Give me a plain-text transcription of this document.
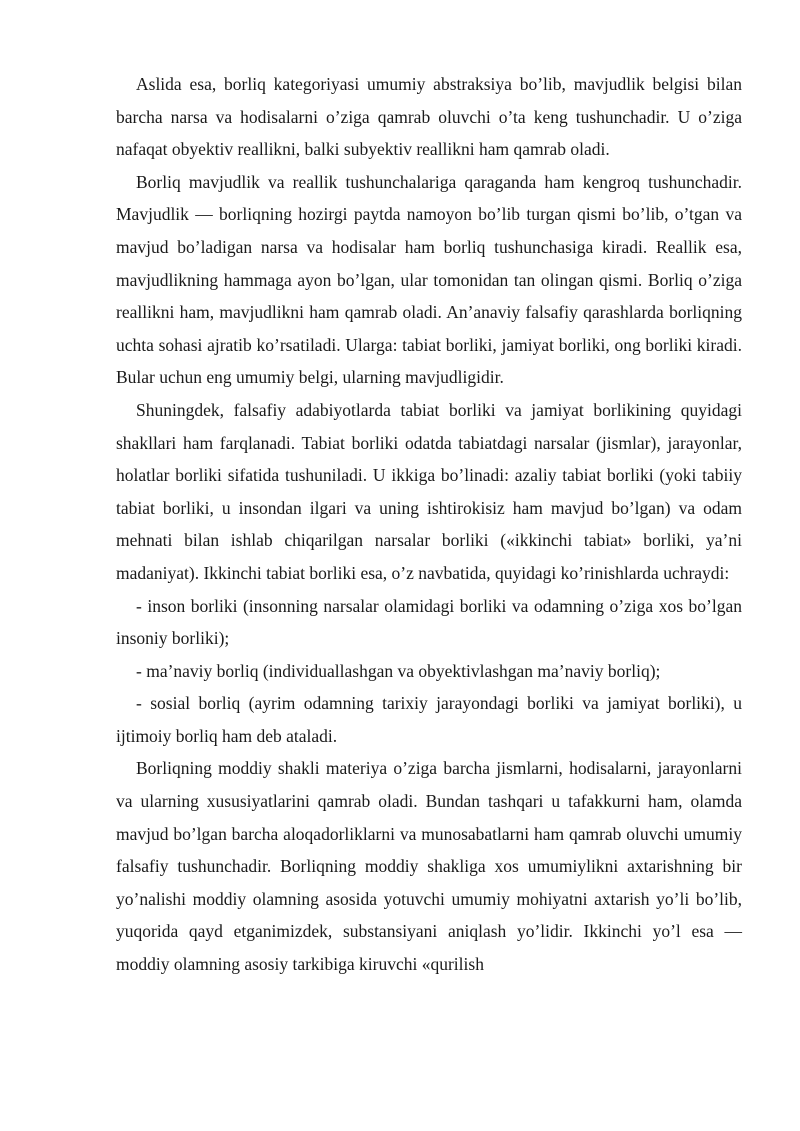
Aslida esa, borliq kategoriyasi umumiy abstraksiya bo’lib, mavjudlik belgisi bilan barcha narsa va hodisalarni o’ziga qamrab oluvchi o’ta keng tushunchadir. U o’ziga nafaqat obyektiv reallikni, balki subyektiv reallikni ham qamrab oladi.

Borliq mavjudlik va reallik tushunchalariga qaraganda ham kengroq tushunchadir. Mavjudlik — borliqning hozirgi paytda namoyon bo’lib turgan qismi bo’lib, o’tgan va mavjud bo’ladigan narsa va hodisalar ham borliq tushunchasiga kiradi. Reallik esa, mavjudlikning hammaga ayon bo’lgan, ular tomonidan tan olingan qismi. Borliq o’ziga reallikni ham, mavjudlikni ham qamrab oladi. An’anaviy falsafiy qarashlarda borliqning uchta sohasi ajratib ko’rsatiladi. Ularga: tabiat borliki, jamiyat borliki, ong borliki kiradi. Bular uchun eng umumiy belgi, ularning mavjudligidir.

Shuningdek, falsafiy adabiyotlarda tabiat borliki va jamiyat borlikining quyidagi shakllari ham farqlanadi. Tabiat borliki odatda tabiatdagi narsalar (jismlar), jarayonlar, holatlar borliki sifatida tushuniladi. U ikkiga bo’linadi: azaliy tabiat borliki (yoki tabiiy tabiat borliki, u insondan ilgari va uning ishtirokisiz ham mavjud bo’lgan) va odam mehnati bilan ishlab chiqarilgan narsalar borliki («ikkinchi tabiat» borliki, ya’ni madaniyat). Ikkinchi tabiat borliki esa, o’z navbatida, quyidagi ko’rinishlarda uchraydi:

- inson borliki (insonning narsalar olamidagi borliki va odamning o’ziga xos bo’lgan insoniy borliki);

- ma’naviy borliq (individuallashgan va obyektivlashgan ma’naviy borliq);

- sosial borliq (ayrim odamning tarixiy jarayondagi borliki va jamiyat borliki), u ijtimoiy borliq ham deb ataladi.

Borliqning moddiy shakli materiya o’ziga barcha jismlarni, hodisalarni, jarayonlarni va ularning xususiyatlarini qamrab oladi. Bundan tashqari u tafakkurni ham, olamda mavjud bo’lgan barcha aloqadorliklarni va munosabatlarni ham qamrab oluvchi umumiy falsafiy tushunchadir. Borliqning moddiy shakliga xos umumiylikni axtarishning bir yo’nalishi moddiy olamning asosida yotuvchi umumiy mohiyatni axtarish yo’li bo’lib, yuqorida qayd etganimizdek, substansiyani aniqlash yo’lidir. Ikkinchi yo’l esa — moddiy olamning asosiy tarkibiga kiruvchi «qurilish
